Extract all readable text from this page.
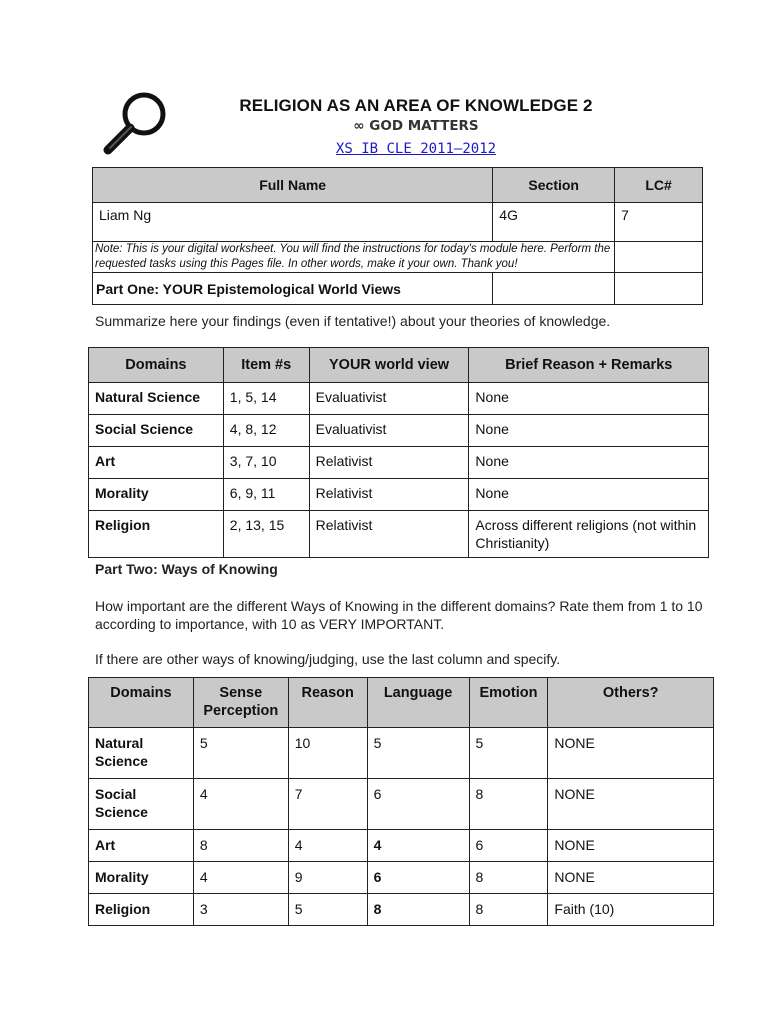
RELIGION AS AN AREA OF KNOWLEDGE 2
∞ GOD MATTERS
XS IB CLE 2011–2012
Full Name	Section	LC#
Liam Ng	4G	7
Note: This is your digital worksheet. You will find the instructions for today's module here. Perform the requested tasks using this Pages file. In other words, make it your own. Thank you!		
Part One: YOUR Epistemological World Views		
Summarize here your findings (even if tentative!) about your theories of knowledge.
Domains	Item #s	YOUR world view	Brief Reason + Remarks
Natural Science	1, 5, 14	Evaluativist	None
Social Science	4, 8, 12	Evaluativist	None
Art	3, 7, 10	Relativist	None
Morality	6, 9, 11	Relativist	None
Religion	2, 13, 15	Relativist	Across different religions (not within Christianity)
Part Two: Ways of Knowing
How important are the different Ways of Knowing in the different domains? Rate them from 1 to 10 according to importance, with 10 as VERY IMPORTANT.
If there are other ways of knowing/judging, use the last column and specify.
Domains	Sense Perception	Reason	Language	Emotion	Others?
Natural Science	5	10	5	5	NONE
Social Science	4	7	6	8	NONE
Art	8	4	4	6	NONE
Morality	4	9	6	8	NONE
Religion	3	5	8	8	Faith (10)
